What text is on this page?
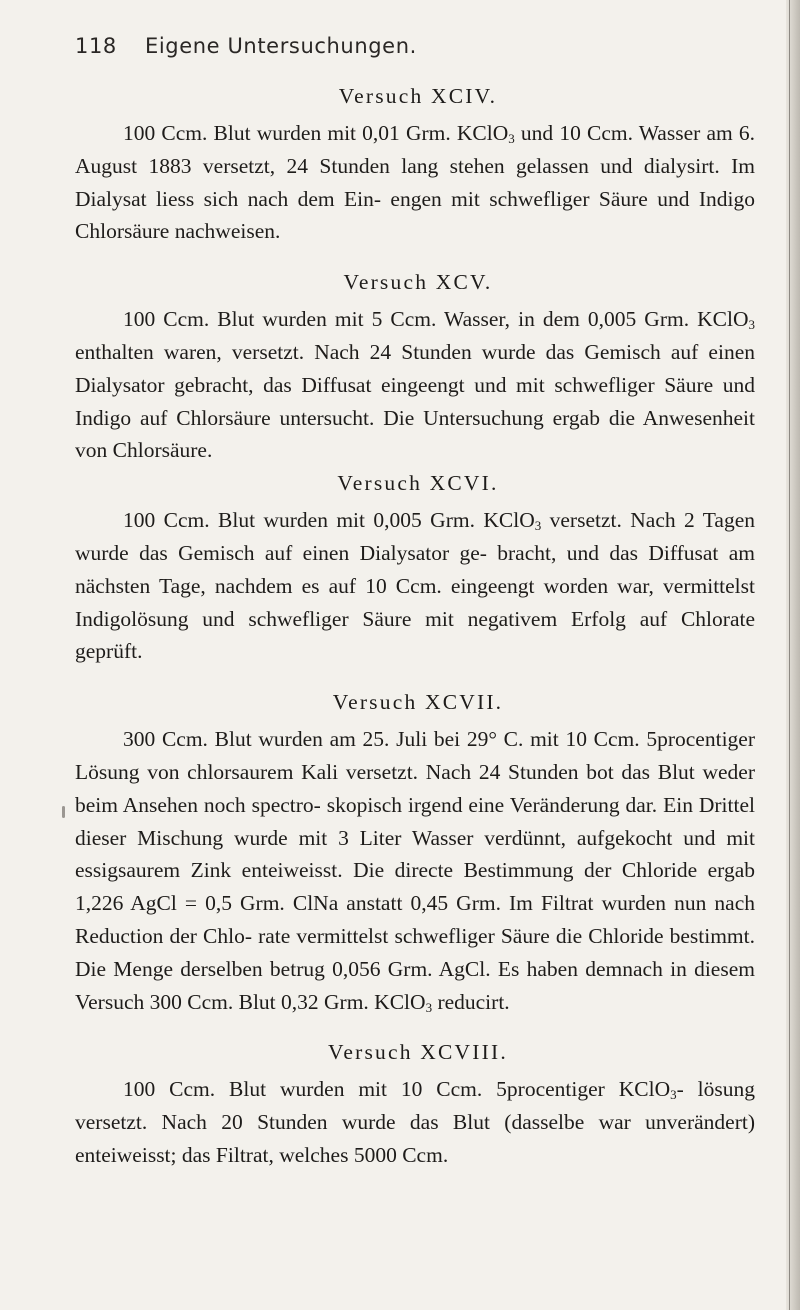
118 Eigene Untersuchungen.
Versuch XCIV.

100 Ccm. Blut wurden mit 0,01 Grm. KClO$_3$ und 10 Ccm. Wasser am 6. August 1883 versetzt, 24 Stunden lang stehen gelassen und dialysirt. Im Dialysat liess sich nach dem Ein- engen mit schwefliger Säure und Indigo Chlorsäure nachweisen.

Versuch XCV.

100 Ccm. Blut wurden mit 5 Ccm. Wasser, in dem 0,005 Grm. KClO$_3$ enthalten waren, versetzt. Nach 24 Stunden wurde das Gemisch auf einen Dialysator gebracht, das Diffusat eingeengt und mit schwefliger Säure und Indigo auf Chlorsäure untersucht. Die Untersuchung ergab die Anwesenheit von Chlorsäure.

Versuch XCVI.

100 Ccm. Blut wurden mit 0,005 Grm. KClO$_3$ versetzt. Nach 2 Tagen wurde das Gemisch auf einen Dialysator ge- bracht, und das Diffusat am nächsten Tage, nachdem es auf 10 Ccm. eingeengt worden war, vermittelst Indigolösung und schwefliger Säure mit negativem Erfolg auf Chlorate geprüft.

Versuch XCVII.

300 Ccm. Blut wurden am 25. Juli bei 29° C. mit 10 Ccm. 5procentiger Lösung von chlorsaurem Kali versetzt. Nach 24 Stunden bot das Blut weder beim Ansehen noch spectro- skopisch irgend eine Veränderung dar. Ein Drittel dieser Mischung wurde mit 3 Liter Wasser verdünnt, aufgekocht und mit essigsaurem Zink enteiweisst. Die directe Bestimmung der Chloride ergab 1,226 AgCl = 0,5 Grm. ClNa anstatt 0,45 Grm. Im Filtrat wurden nun nach Reduction der Chlo- rate vermittelst schwefliger Säure die Chloride bestimmt. Die Menge derselben betrug 0,056 Grm. AgCl. Es haben demnach in diesem Versuch 300 Ccm. Blut 0,32 Grm. KClO$_3$ reducirt.

Versuch XCVIII.

100 Ccm. Blut wurden mit 10 Ccm. 5procentiger KClO$_3$- lösung versetzt. Nach 20 Stunden wurde das Blut (dasselbe war unverändert) enteiweisst; das Filtrat, welches 5000 Ccm.
